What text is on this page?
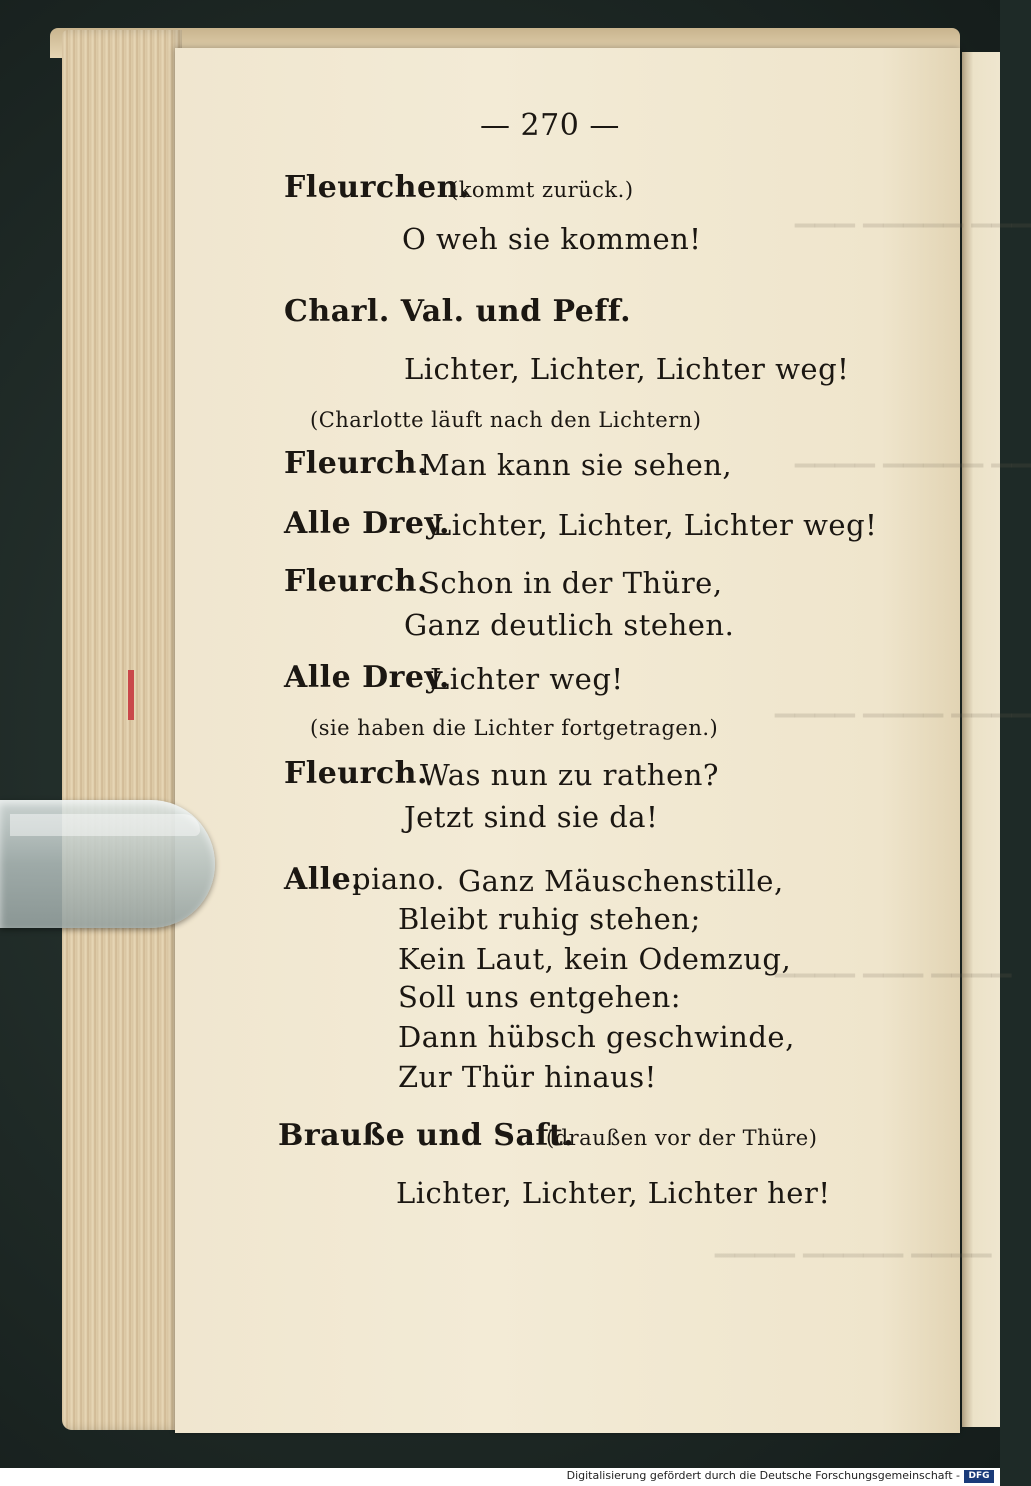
▁▁▁ ▁▁▁▁▁ ▁▁▁
▁▁▁▁ ▁▁▁▁▁ ▁▁
▁▁▁▁ ▁▁▁▁ ▁▁▁▁
▁▁▁▁ ▁▁▁ ▁▁▁▁
▁▁▁▁ ▁▁▁▁▁ ▁▁▁▁
— 270 —
Fleurchen.
(kommt zurück.)
O weh sie kommen!
Charl. Val. und Peff.
Lichter, Lichter, Lichter weg!
(Charlotte läuft nach den Lichtern)
Fleurch.
Man kann sie sehen,
Alle Drey.
Lichter, Lichter, Lichter weg!
Fleurch.
Schon in der Thüre,
Ganz deutlich stehen.
Alle Drey.
Lichter weg!
(sie haben die Lichter fortgetragen.)
Fleurch.
Was nun zu rathen?
Jetzt sind sie da!
Alle.
piano. Ganz Mäuschenstille,
Bleibt ruhig stehen;
Kein Laut, kein Odemzug,
Soll uns entgehen:
Dann hübsch geschwinde,
Zur Thür hinaus!
Brauße und Saft.
(draußen vor der Thüre)
Lichter, Lichter, Lichter her!
Digitalisierung gefördert durch die Deutsche Forschungsgemeinschaft - DFG
